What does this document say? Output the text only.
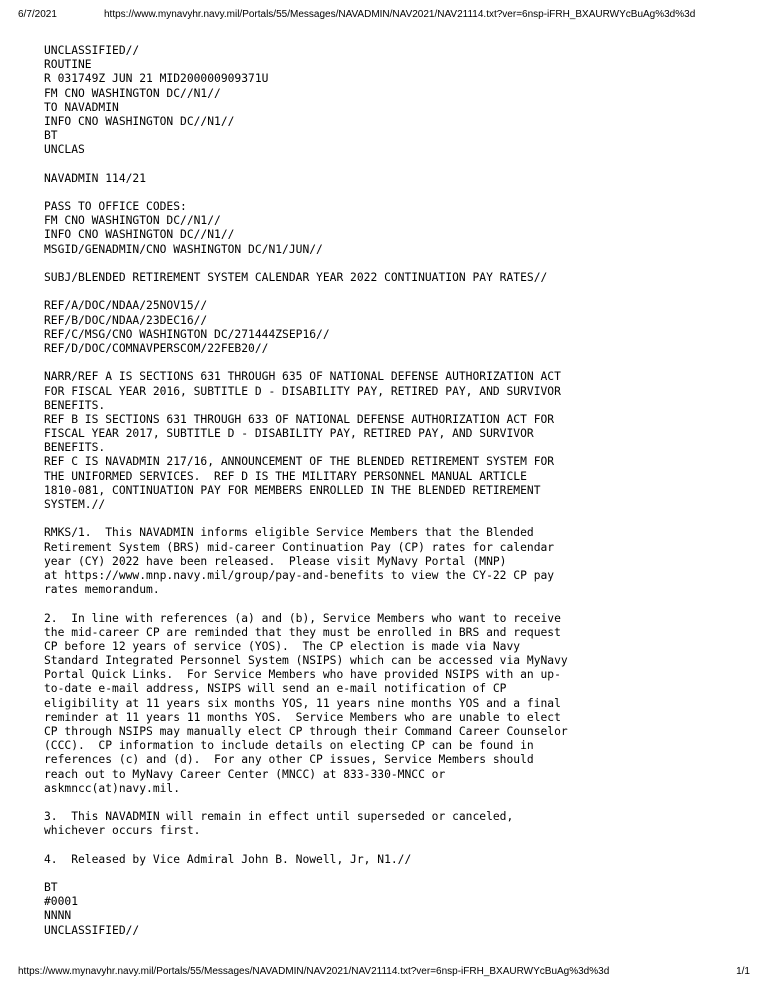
6/7/2021	https://www.mynavyhr.navy.mil/Portals/55/Messages/NAVADMIN/NAV2021/NAV21114.txt?ver=6nsp-iFRH_BXAURWYcBuAg%3d%3d
UNCLASSIFIED//
ROUTINE
R 031749Z JUN 21 MID200000909371U
FM CNO WASHINGTON DC//N1//
TO NAVADMIN
INFO CNO WASHINGTON DC//N1//
BT
UNCLAS
NAVADMIN 114/21
PASS TO OFFICE CODES:
FM CNO WASHINGTON DC//N1//
INFO CNO WASHINGTON DC//N1//
MSGID/GENADMIN/CNO WASHINGTON DC/N1/JUN//
SUBJ/BLENDED RETIREMENT SYSTEM CALENDAR YEAR 2022 CONTINUATION PAY RATES//
REF/A/DOC/NDAA/25NOV15//
REF/B/DOC/NDAA/23DEC16//
REF/C/MSG/CNO WASHINGTON DC/271444ZSEP16//
REF/D/DOC/COMNAVPERSCOM/22FEB20//
NARR/REF A IS SECTIONS 631 THROUGH 635 OF NATIONAL DEFENSE AUTHORIZATION ACT
FOR FISCAL YEAR 2016, SUBTITLE D - DISABILITY PAY, RETIRED PAY, AND SURVIVOR
BENEFITS.
REF B IS SECTIONS 631 THROUGH 633 OF NATIONAL DEFENSE AUTHORIZATION ACT FOR
FISCAL YEAR 2017, SUBTITLE D - DISABILITY PAY, RETIRED PAY, AND SURVIVOR
BENEFITS.
REF C IS NAVADMIN 217/16, ANNOUNCEMENT OF THE BLENDED RETIREMENT SYSTEM FOR
THE UNIFORMED SERVICES.  REF D IS THE MILITARY PERSONNEL MANUAL ARTICLE
1810-081, CONTINUATION PAY FOR MEMBERS ENROLLED IN THE BLENDED RETIREMENT
SYSTEM.//
RMKS/1.  This NAVADMIN informs eligible Service Members that the Blended
Retirement System (BRS) mid-career Continuation Pay (CP) rates for calendar
year (CY) 2022 have been released.  Please visit MyNavy Portal (MNP)
at https://www.mnp.navy.mil/group/pay-and-benefits to view the CY-22 CP pay
rates memorandum.
2.  In line with references (a) and (b), Service Members who want to receive
the mid-career CP are reminded that they must be enrolled in BRS and request
CP before 12 years of service (YOS).  The CP election is made via Navy
Standard Integrated Personnel System (NSIPS) which can be accessed via MyNavy
Portal Quick Links.  For Service Members who have provided NSIPS with an up-
to-date e-mail address, NSIPS will send an e-mail notification of CP
eligibility at 11 years six months YOS, 11 years nine months YOS and a final
reminder at 11 years 11 months YOS.  Service Members who are unable to elect
CP through NSIPS may manually elect CP through their Command Career Counselor
(CCC).  CP information to include details on electing CP can be found in
references (c) and (d).  For any other CP issues, Service Members should
reach out to MyNavy Career Center (MNCC) at 833-330-MNCC or
askmncc(at)navy.mil.
3.  This NAVADMIN will remain in effect until superseded or canceled,
whichever occurs first.
4.  Released by Vice Admiral John B. Nowell, Jr, N1.//
BT
#0001
NNNN
UNCLASSIFIED//
https://www.mynavyhr.navy.mil/Portals/55/Messages/NAVADMIN/NAV2021/NAV21114.txt?ver=6nsp-iFRH_BXAURWYcBuAg%3d%3d	1/1
